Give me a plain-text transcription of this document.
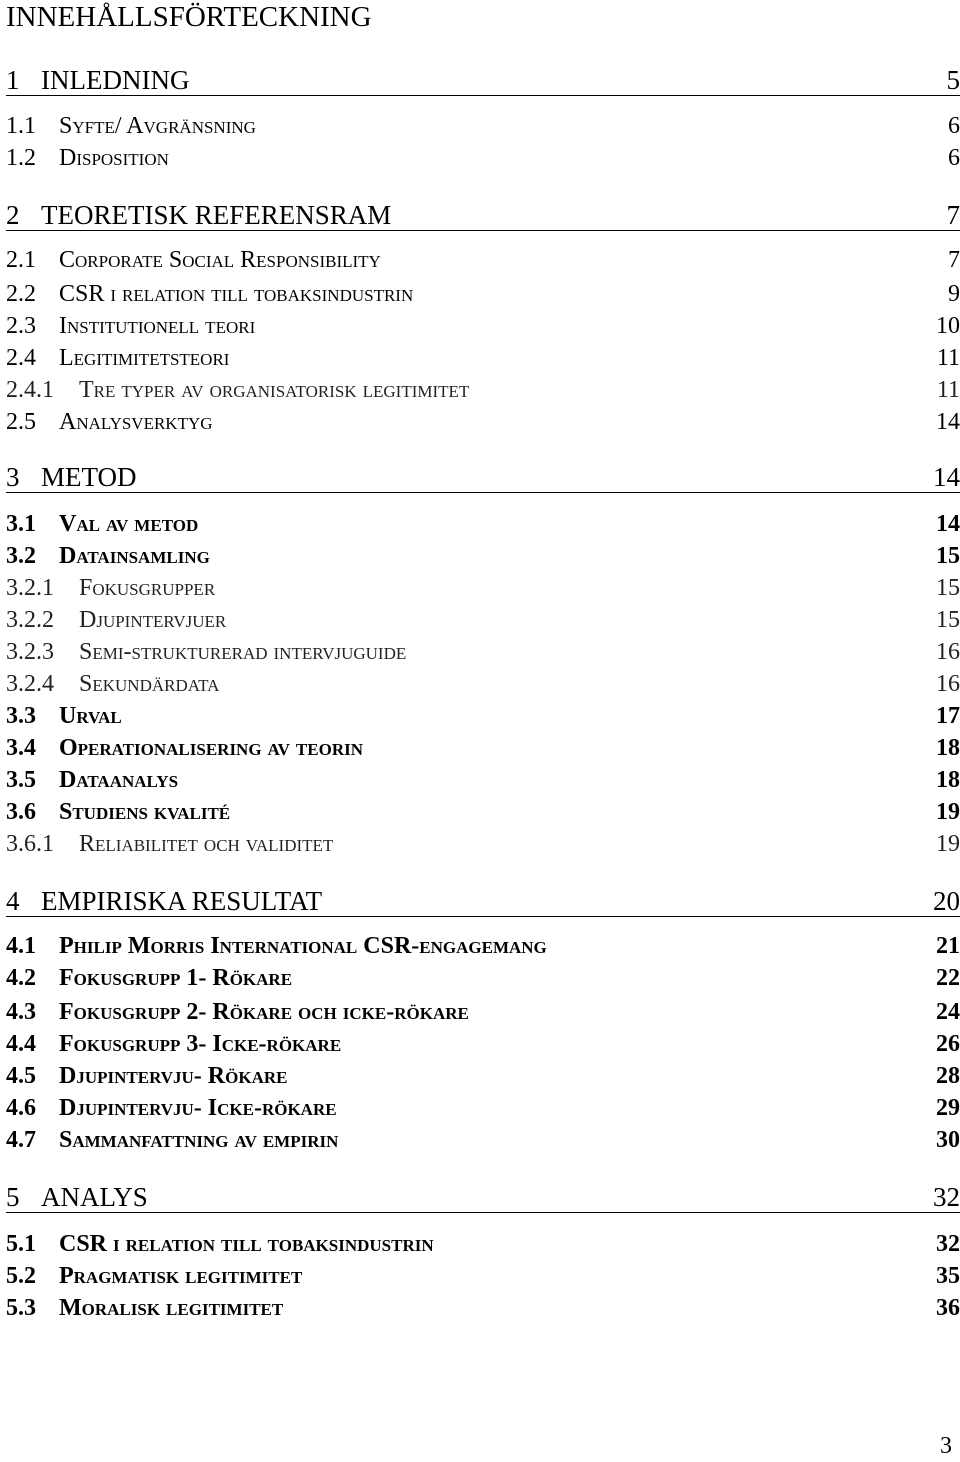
INNEHÅLLSFÖRTECKNING
1 INLEDNING	5
1.1 Syfte/ Avgränsning	6
1.2 Disposition	6
2 TEORETISK REFERENSRAM	7
2.1 Corporate Social Responsibility	7
2.2 CSR i relation till tobaksindustrin	9
2.3 Institutionell teori	10
2.4 Legitimitetsteori	11
2.4.1 Tre typer av organisatorisk legitimitet	11
2.5 Analysverktyg	14
3 METOD	14
3.1 Val av metod	14
3.2 Datainsamling	15
3.2.1 Fokusgrupper	15
3.2.2 Djupintervjuer	15
3.2.3 Semi-strukturerad intervjuguide	16
3.2.4 Sekundärdata	16
3.3 Urval	17
3.4 Operationalisering av teorin	18
3.5 Dataanalys	18
3.6 Studiens kvalité	19
3.6.1 Reliabilitet och validitet	19
4 EMPIRISKA RESULTAT	20
4.1 Philip Morris International CSR-engagemang	21
4.2 Fokusgrupp 1- Rökare	22
4.3 Fokusgrupp 2- Rökare och icke-rökare	24
4.4 Fokusgrupp 3- Icke-rökare	26
4.5 Djupintervju- Rökare	28
4.6 Djupintervju- Icke-rökare	29
4.7 Sammanfattning av empirin	30
5 ANALYS	32
5.1 CSR i relation till tobaksindustrin	32
5.2 Pragmatisk legitimitet	35
5.3 Moralisk legitimitet	36
3
